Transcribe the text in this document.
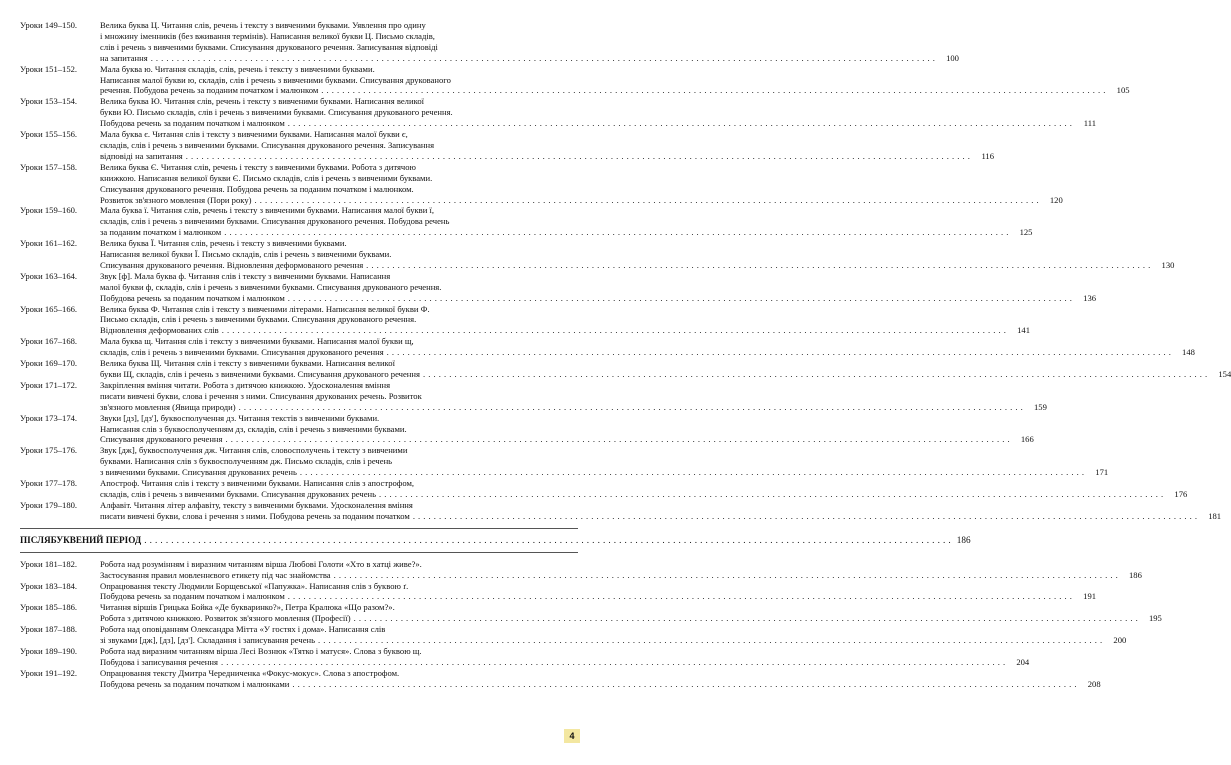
Уроки 149–150.	Велика буква Ц. Читання слів, речень і тексту з вивченими буквами. Уявлення про одину
і множину іменників (без вживання термінів). Написання великої букви Ц. Письмо складів,
слів і речень з вивченими буквами. Списування друкованого речення. Записування відповіді
на запитання ...................................................................................................................................................... 100
Уроки 151–152.	Мала буква ю. Читання складів, слів, речень і тексту з вивченими буквами.
Написання малої букви ю, складів, слів і речень з вивченими буквами. Списування друкованого
речення. Побудова речень за поданим початком і малюнком ...................................................................................................................................................... 105
Уроки 153–154.	Велика буква Ю. Читання слів, речень і тексту з вивченими буквами. Написання великої
букви Ю. Письмо складів, слів і речень з вивченими буквами. Списування друкованого речення.
Побудова речень за поданим початком і малюнком ......................................................................................................................................................	111
Уроки 155–156.	Мала буква є. Читання слів і тексту з вивченими буквами. Написання малої букви є,
складів, слів і речень з вивченими буквами. Списування друкованого речення. Записування
відповіді на запитання ...................................................................................................................................................... 116
Уроки 157–158.	Велика буква Є. Читання слів, речень і тексту з вивченими буквами. Робота з дитячою
книжкою. Написання великої букви Є. Письмо складів, слів і речень з вивченими буквами.
Списування друкованого речення. Побудова речень за поданим початком і малюнком.
Розвиток зв'язного мовлення (Пори року) ...................................................................................................................................................... 120
Уроки 159–160.	Мала буква ї. Читання слів, речень і тексту з вивченими буквами. Написання малої букви ї,
складів, слів і речень з вивченими буквами. Списування друкованого речення. Побудова речень
за поданим початком і малюнком ...................................................................................................................................................... 125
Уроки 161–162.	Велика буква Ї. Читання слів, речень і тексту з вивченими буквами.
Написання великої букви Ї. Письмо складів, слів і речень з вивченими буквами.
Списування друкованого речення. Відновлення деформованого речення ...................................................................................................................................................... 130
Уроки 163–164.	Звук [ф]. Мала буква ф. Читання слів і тексту з вивченими буквами. Написання
малої букви ф, складів, слів і речень з вивченими буквами. Списування друкованого речення.
Побудова речень за поданим початком і малюнком ...................................................................................................................................................... 136
Уроки 165–166.	Велика буква Ф. Читання слів і тексту з вивченими літерами. Написання великої букви Ф.
Письмо складів, слів і речень з вивченими буквами. Списування друкованого речення.
Відновлення деформованих слів ...................................................................................................................................................... 141
Уроки 167–168.	Мала буква щ. Читання слів і тексту з вивченими буквами. Написання малої букви щ,
складів, слів і речень з вивченими буквами. Списування друкованого речення ...................................................................................................................................................... 148
Уроки 169–170.	Велика буква Щ. Читання слів і тексту з вивченими буквами. Написання великої
букви Щ, складів, слів і речень з вивченими буквами. Списування друкованого речення ...................................................................................................................................................... 154
Уроки 171–172.	Закріплення вміння читати. Робота з дитячою книжкою. Удосконалення вміння
писати вивчені букви, слова і речення з ними. Списування друкованих речень. Розвиток
зв'язного мовлення (Явища природи) ...................................................................................................................................................... 159
Уроки 173–174.	Звуки [дз], [дз'], буквосполучення дз. Читання текстів з вивченими буквами.
Написання слів з буквосполученням дз, складів, слів і речень з вивченими буквами.
Списування друкованого речення ...................................................................................................................................................... 166
Уроки 175–176.	Звук [дж], буквосполучення дж. Читання слів, словосполучень і тексту з вивченими
буквами. Написання слів з буквосполученням дж. Письмо складів, слів і речень
з вивченими буквами. Списування друкованих речень ...................................................................................................................................................... 171
Уроки 177–178.	Апостроф. Читання слів і тексту з вивченими буквами. Написання слів з апострофом,
складів, слів і речень з вивченими буквами. Списування друкованих речень ...................................................................................................................................................... 176
Уроки 179–180.	Алфавіт. Читання літер алфавіту, тексту з вивченими буквами. Удосконалення вміння
писати вивчені букви, слова і речення з ними. Побудова речень за поданим початком ...................................................................................................................................................... 181
ПІСЛЯБУКВЕНИЙ ПЕРІОД ...................................................................................................................................................... 186
Уроки 181–182.	Робота над розумінням і виразним читанням вірша Любові Голоти «Хто в хатці живе?».
Застосування правил мовленнєвого етикету під час знайомства ...................................................................................................................................................... 186
Уроки 183–184.	Опрацювання тексту Людмили Борщевської «Папужка». Написання слів з буквою ґ.
Побудова речень за поданим початком і малюнком ...................................................................................................................................................... 191
Уроки 185–186.	Читання віршів Грицька Бойка «Де букваринко?», Петра Кралюка «Що разом?».
Робота з дитячою книжкою. Розвиток зв'язного мовлення (Професії) ...................................................................................................................................................... 195
Уроки 187–188.	Робота над оповіданням Олександра Мітта «У гостях і дома». Написання слів
зі звуками [дж], [дз], [дз']. Складання і записування речень ...................................................................................................................................................... 200
Уроки 189–190.	Робота над виразним читанням вірша Лесі Вознюк «Тятко і матуся». Слова з буквою щ.
Побудова і записування речення ...................................................................................................................................................... 204
Уроки 191–192.	Опрацювання тексту Дмитра Чередниченка «Фокус-мокус». Слова з апострофом.
Побудова речень за поданим початком і малюнками ...................................................................................................................................................... 208
4
